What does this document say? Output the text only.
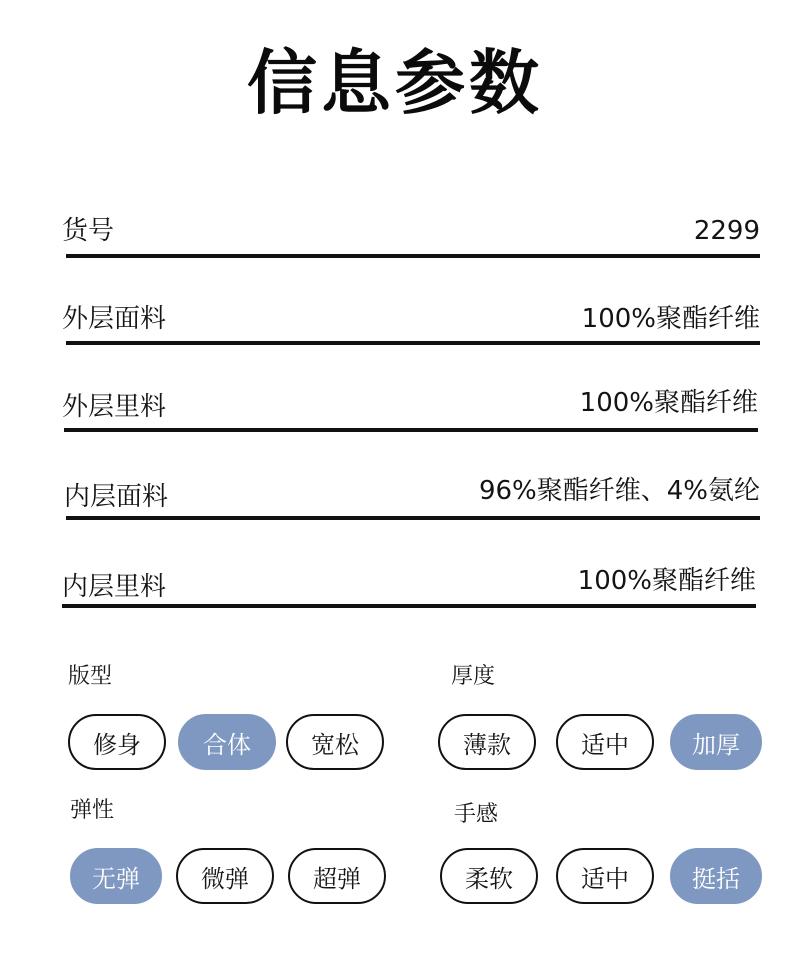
信息参数
货号	2299
外层面料	100%聚酯纤维
外层里料	100%聚酯纤维
内层面料	96%聚酯纤维、4%氨纶
内层里料	100%聚酯纤维
版型
修身	合体	宽松
厚度
薄款	适中	加厚
弹性
无弹	微弹	超弹
手感
柔软	适中	挺括
